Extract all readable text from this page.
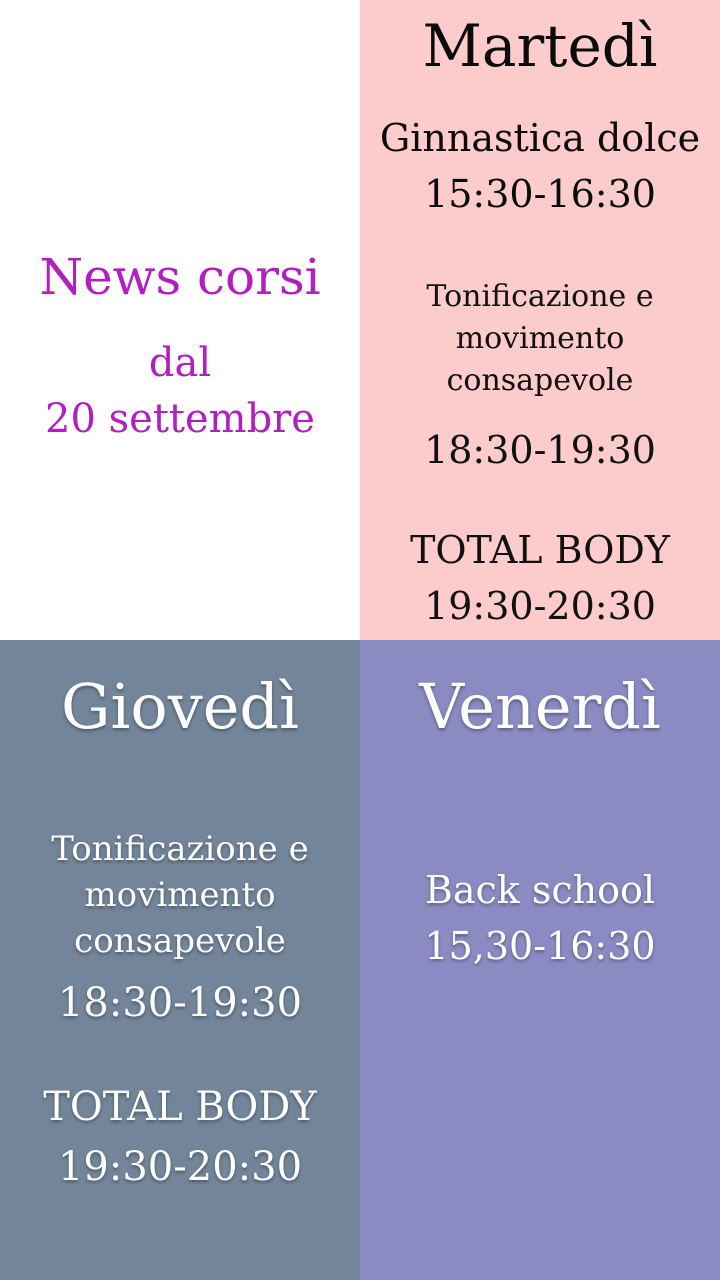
News corsi

dal

20 settembre

Martedì

Ginnastica dolce

15:30-16:30

Tonificazione e movimento consapevole

18:30-19:30

TOTAL BODY

19:30-20:30

Giovedì

Tonificazione e movimento consapevole

18:30-19:30

TOTAL BODY

19:30-20:30

Venerdì

Back school

15,30-16:30
